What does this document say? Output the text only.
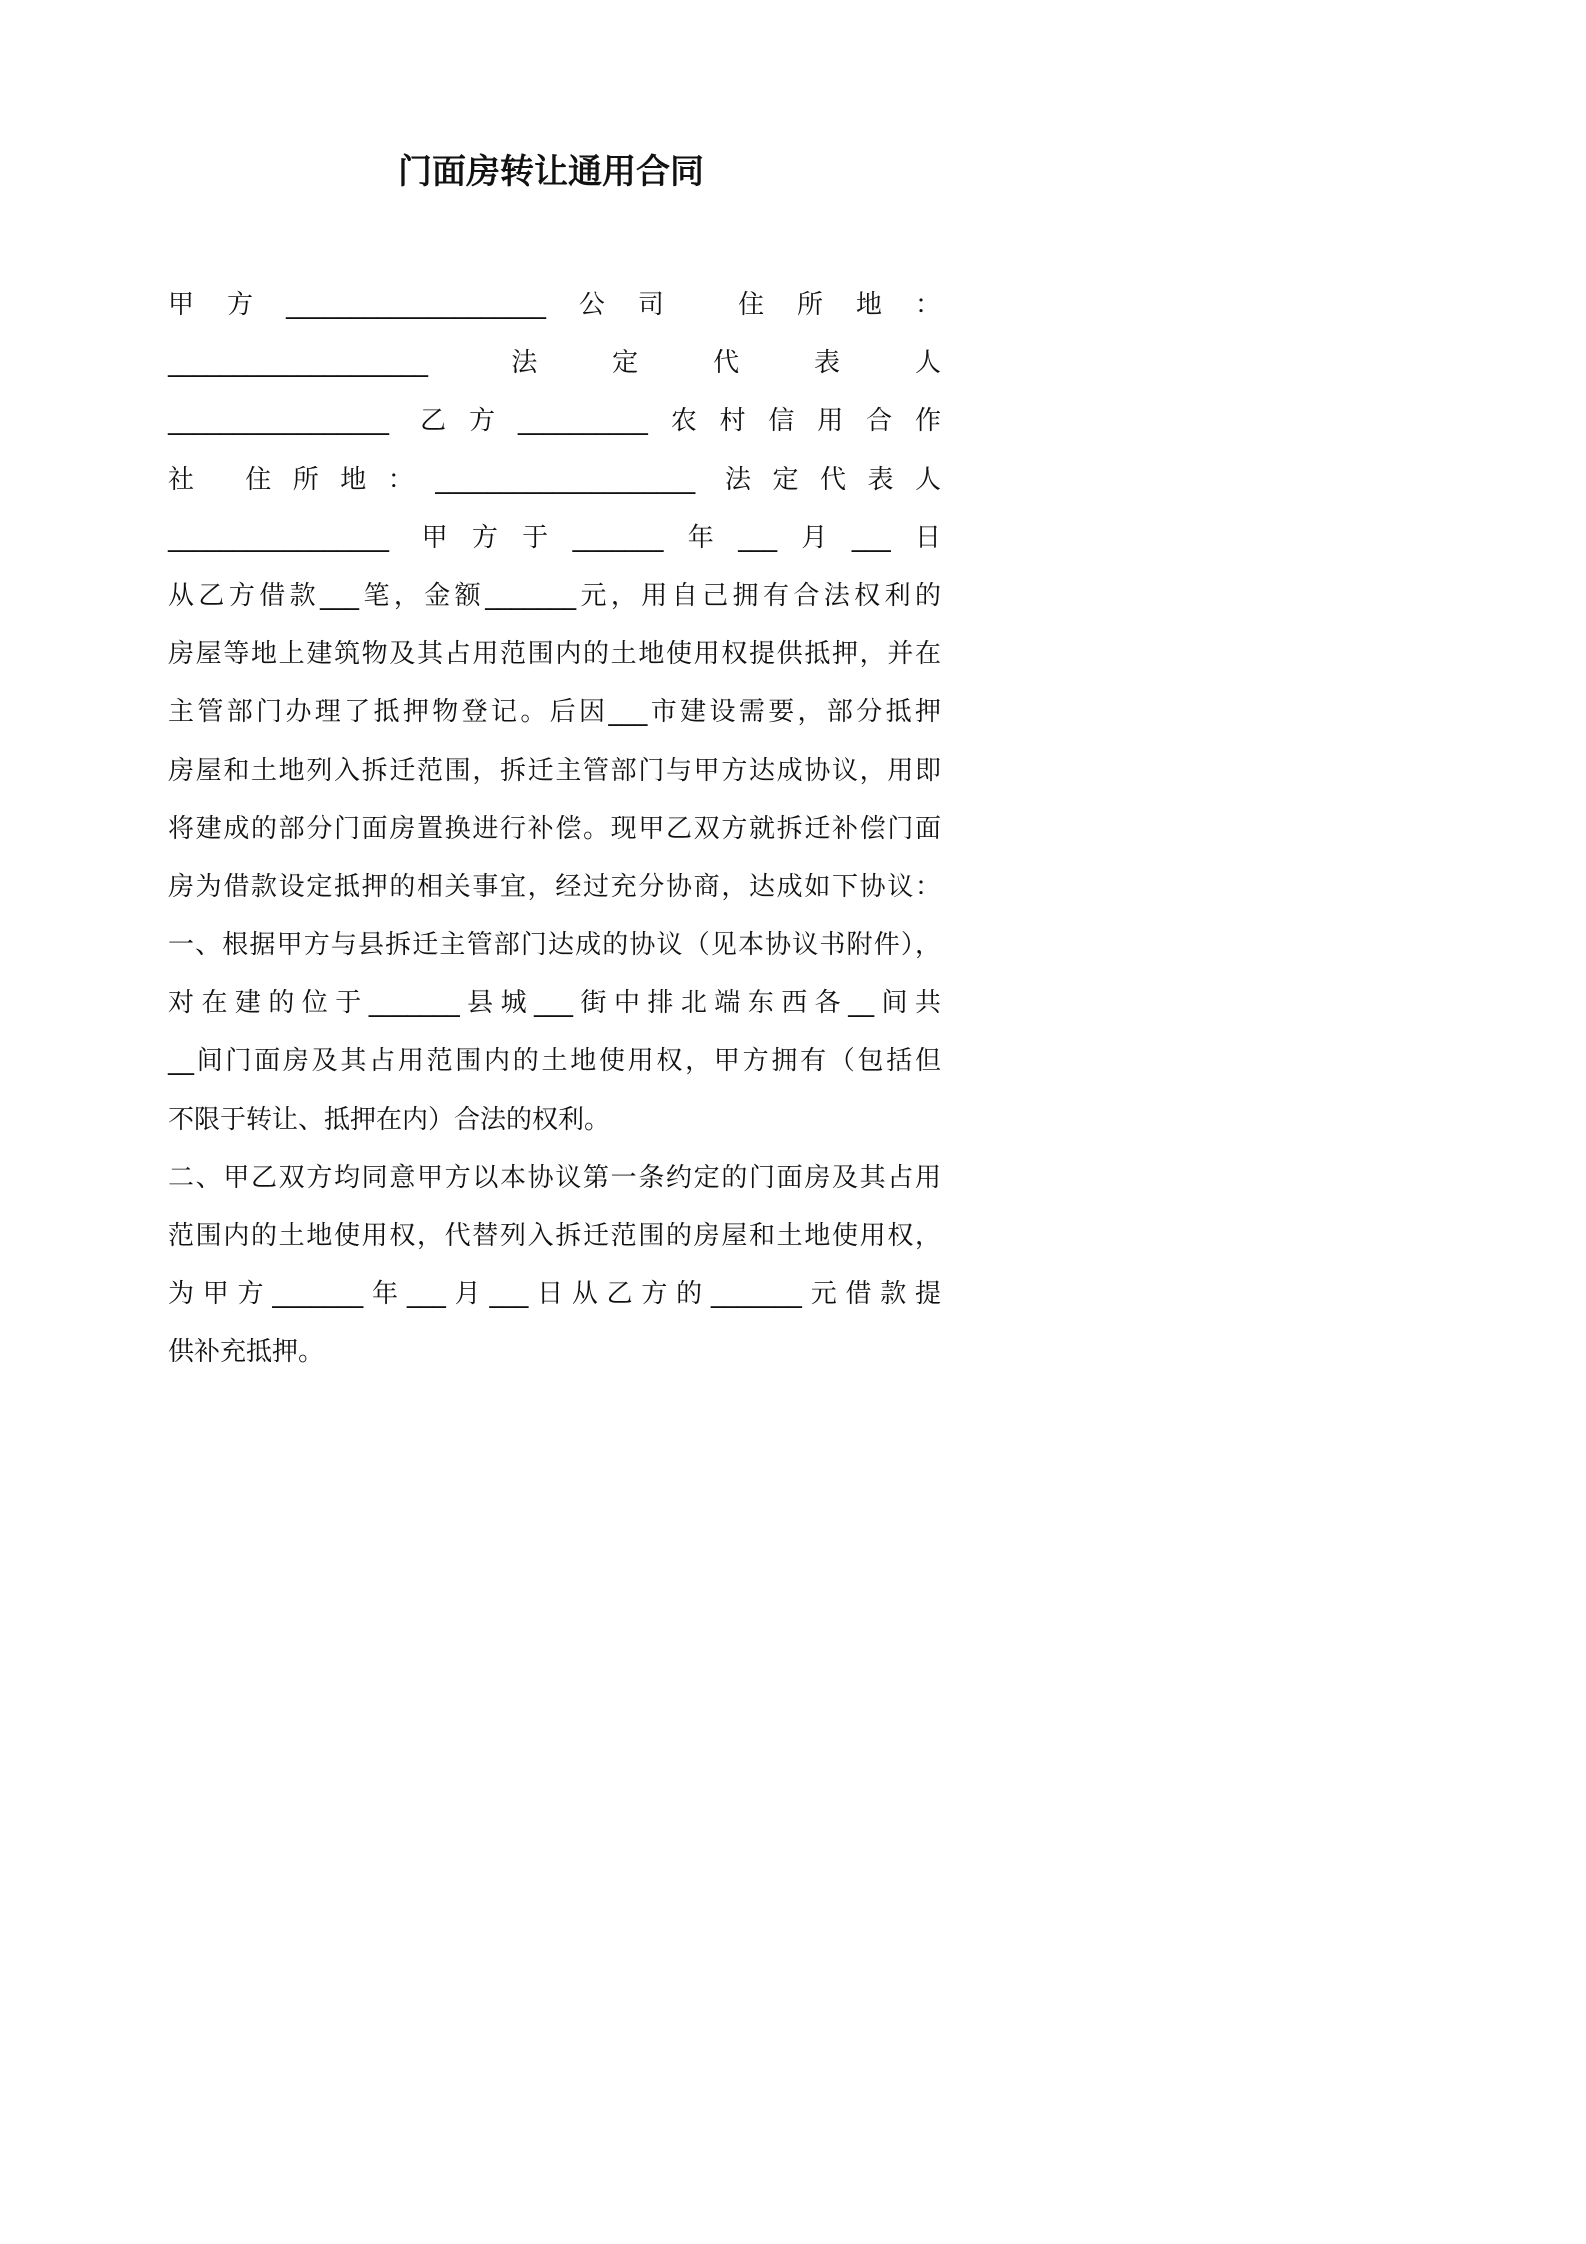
门面房转让通用合同
甲方____________________公司 住所地：
____________________ 法定代表人
_________________ 乙方__________农村信用合作
社 住所地：____________________ 法定代表人
_________________ 甲方于_______年___月___日
从乙方借款___笔，金额_______元，用自己拥有合法权利的
房屋等地上建筑物及其占用范围内的土地使用权提供抵押，并在
主管部门办理了抵押物登记。后因___市建设需要，部分抵押
房屋和土地列入拆迁范围，拆迁主管部门与甲方达成协议，用即
将建成的部分门面房置换进行补偿。现甲乙双方就拆迁补偿门面
房为借款设定抵押的相关事宜，经过充分协商，达成如下协议：
一、根据甲方与县拆迁主管部门达成的协议（见本协议书附件），
对在建的位于_______县城___街中排北端东西各__间共
__间门面房及其占用范围内的土地使用权，甲方拥有（包括但
不限于转让、抵押在内）合法的权利。
二、甲乙双方均同意甲方以本协议第一条约定的门面房及其占用
范围内的土地使用权，代替列入拆迁范围的房屋和土地使用权，
为甲方_______年___月___日从乙方的_______元借款提
供补充抵押。
